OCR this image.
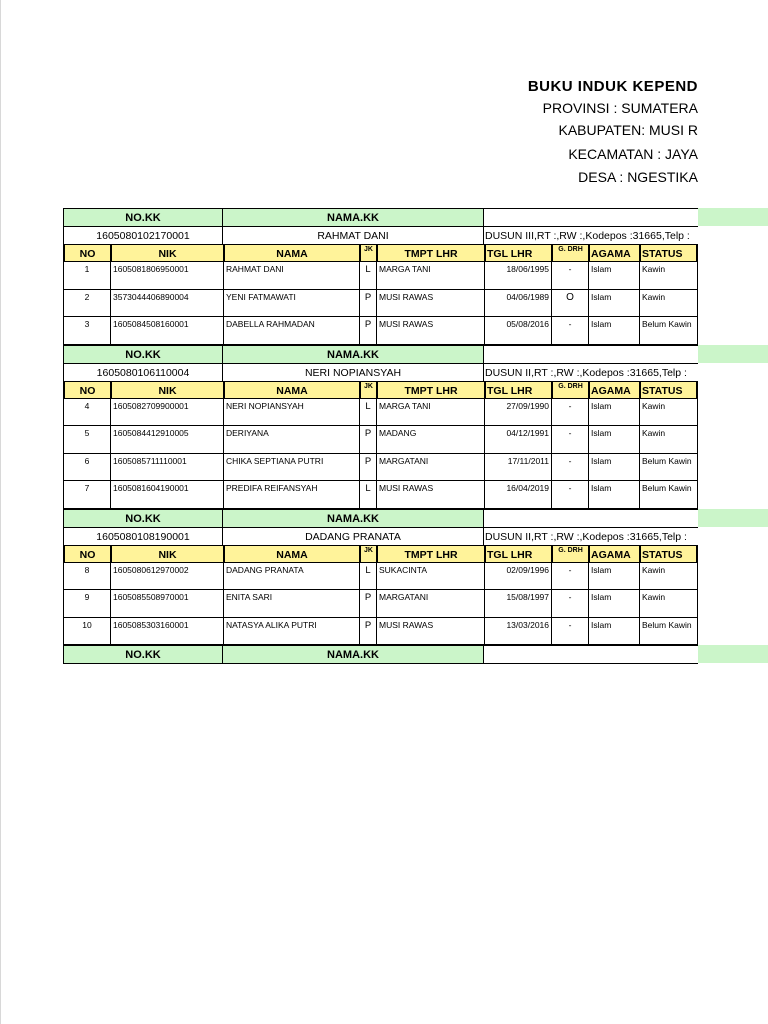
BUKU INDUK KEPEND
PROVINSI : SUMATERA
KABUPATEN: MUSI R
KECAMATAN : JAYA
DESA : NGESTIKA
NO.KK	NAMA.KK
1605080102170001	RAHMAT DANI	DUSUN III,RT :,RW :,Kodepos :31665,Telp :
NO	NIK	NAMA	JK	TMPT LHR	TGL LHR	G. DRH AGAMA	STATUS
1	1605081806950001	RAHMAT DANI	L MARGA TANI	18/06/1995	-	Islam	Kawin
2	3573044406890004	YENI FATMAWATI	P MUSI RAWAS	04/06/1989	O	Islam	Kawin
3	1605084508160001	DABELLA RAHMADAN	P MUSI RAWAS	05/08/2016	-	Islam	Belum Kawin
NO.KK	NAMA.KK
1605080106110004	NERI NOPIANSYAH	DUSUN II,RT :,RW :,Kodepos :31665,Telp :
NO	NIK	NAMA	JK	TMPT LHR	TGL LHR	G. DRH AGAMA	STATUS
4	1605082709900001	NERI NOPIANSYAH	L MARGA TANI	27/09/1990	-	Islam	Kawin
5	1605084412910005	DERIYANA	P MADANG	04/12/1991	-	Islam	Kawin
6	1605085711110001	CHIKA SEPTIANA PUTRI	P MARGATANI	17/11/2011	-	Islam	Belum Kawin
7	1605081604190001	PREDIFA REIFANSYAH	L MUSI RAWAS	16/04/2019	-	Islam	Belum Kawin
NO.KK	NAMA.KK
1605080108190001	DADANG PRANATA	DUSUN II,RT :,RW :,Kodepos :31665,Telp :
NO	NIK	NAMA	JK	TMPT LHR	TGL LHR	G. DRH AGAMA	STATUS
8	1605080612970002	DADANG PRANATA	L SUKACINTA	02/09/1996	-	Islam	Kawin
9	1605085508970001	ENITA SARI	P MARGATANI	15/08/1997	-	Islam	Kawin
10	1605085303160001	NATASYA ALIKA PUTRI	P MUSI RAWAS	13/03/2016	-	Islam	Belum Kawin
NO.KK	NAMA.KK
